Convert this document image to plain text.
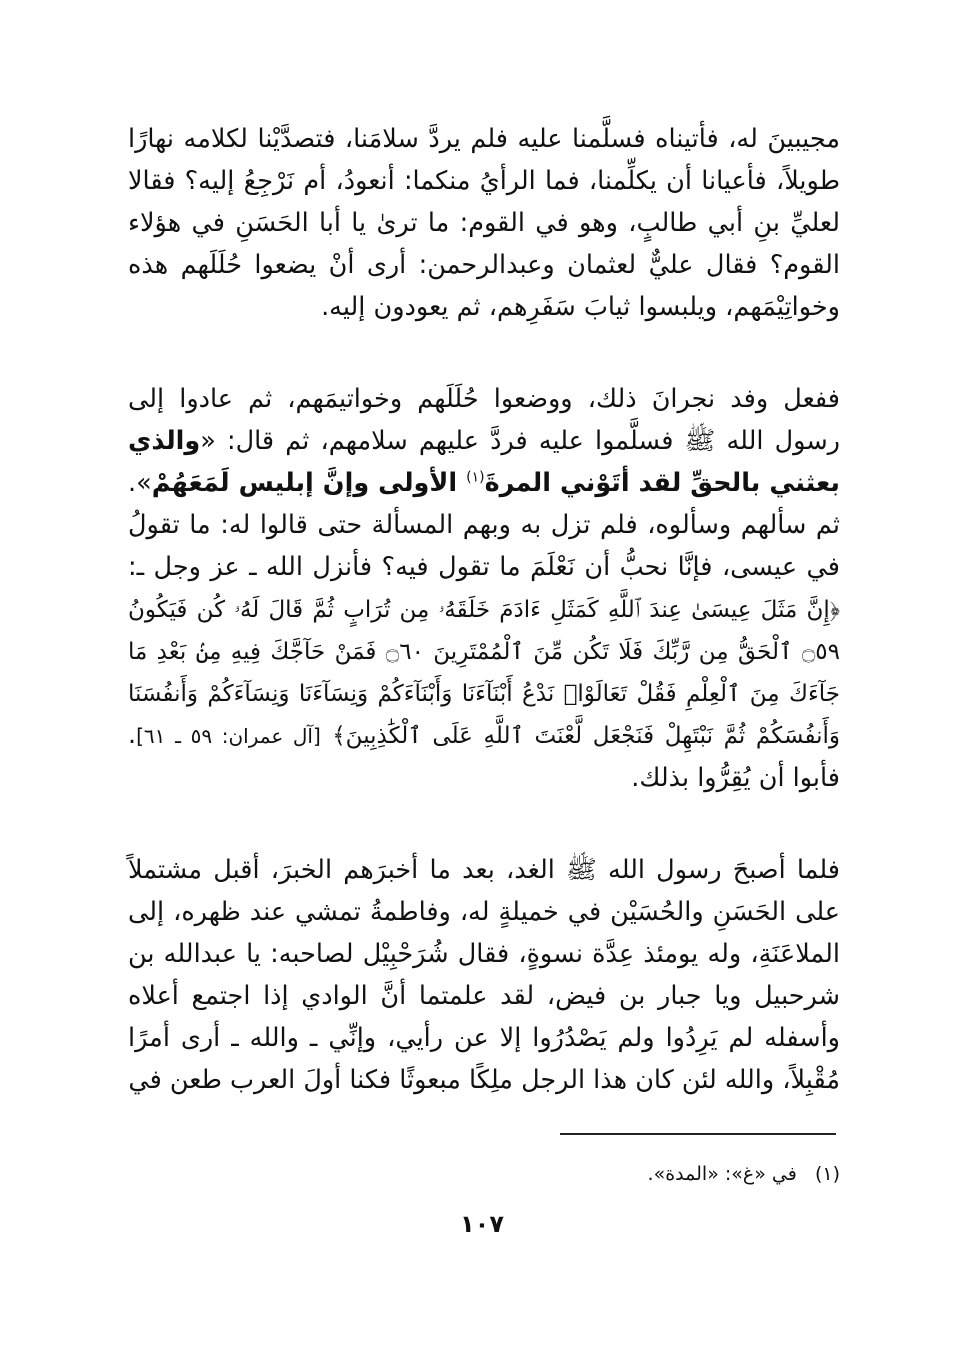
مجيبينَ له، فأتيناه فسلَّمنا عليه فلم يردَّ سلامَنا، فتصدَّيْنا لكلامه نهارًا طويلاً، فأعيانا أن يكلِّمنا، فما الرأيُ منكما: أنعودُ، أم نَرْجِعُ إليه؟ فقالا لعليِّ بنِ أبي طالبٍ، وهو في القوم: ما ترىٰ يا أبا الحَسَنِ في هؤلاء القوم؟ فقال عليٌّ لعثمان وعبدالرحمن: أرى أنْ يضعوا حُلَلَهم هذه وخواتِيْمَهم، ويلبسوا ثيابَ سَفَرِهم، ثم يعودون إليه.

ففعل وفد نجرانَ ذلك، ووضعوا حُلَلَهم وخواتيمَهم، ثم عادوا إلى رسول الله ﷺ فسلَّموا عليه فردَّ عليهم سلامهم، ثم قال: «والذي بعثني بالحقِّ لقد أتَوْني المرةَ$^{(١)}$ الأولى وإنَّ إبليس لَمَعَهُمْ». ثم سألهم وسألوه، فلم تزل به وبهم المسألة حتى قالوا له: ما تقولُ في عيسى، فإنَّا نحبُّ أن نَعْلَمَ ما تقول فيه؟ فأنزل الله ـ عز وجل ـ: ﴿إِنَّ مَثَلَ عِيسَىٰ عِندَ ٱللَّهِ كَمَثَلِ ءَادَمَ خَلَقَهُۥ مِن تُرَابٍ ثُمَّ قَالَ لَهُۥ كُن فَيَكُونُ ۝٥٩ ٱلْحَقُّ مِن رَّبِّكَ فَلَا تَكُن مِّنَ ٱلْمُمْتَرِينَ ۝٦٠ فَمَنْ حَآجَّكَ فِيهِ مِنۢ بَعْدِ مَا جَآءَكَ مِنَ ٱلْعِلْمِ فَقُلْ تَعَالَوْا۟ نَدْعُ أَبْنَآءَنَا وَأَبْنَآءَكُمْ وَنِسَآءَنَا وَنِسَآءَكُمْ وَأَنفُسَنَا وَأَنفُسَكُمْ ثُمَّ نَبْتَهِلْ فَنَجْعَل لَّعْنَتَ ٱللَّهِ عَلَى ٱلْكَٰذِبِينَ﴾ [آل عمران: ٥٩ ـ ٦١]. فأبوا أن يُقِرُّوا بذلك.

فلما أصبحَ رسول الله ﷺ الغد، بعد ما أخبرَهم الخبرَ، أقبل مشتملاً على الحَسَنِ والحُسَيْن في خميلةٍ له، وفاطمةُ تمشي عند ظهره، إلى الملاعَنَةِ، وله يومئذ عِدَّة نسوةٍ، فقال شُرَحْبِيْل لصاحبه: يا عبدالله بن شرحبيل ويا جبار بن فيض، لقد علمتما أنَّ الوادي إذا اجتمع أعلاه وأسفله لم يَرِدُوا ولم يَصْدُرُوا إلا عن رأيي، وإنِّي ـ والله ـ أرى أمرًا مُقْبِلاً، والله لئن كان هذا الرجل ملِكًا مبعوثًا فكنا أولَ العرب طعن في

(١)   في «غ»: «المدة».
١٠٧
